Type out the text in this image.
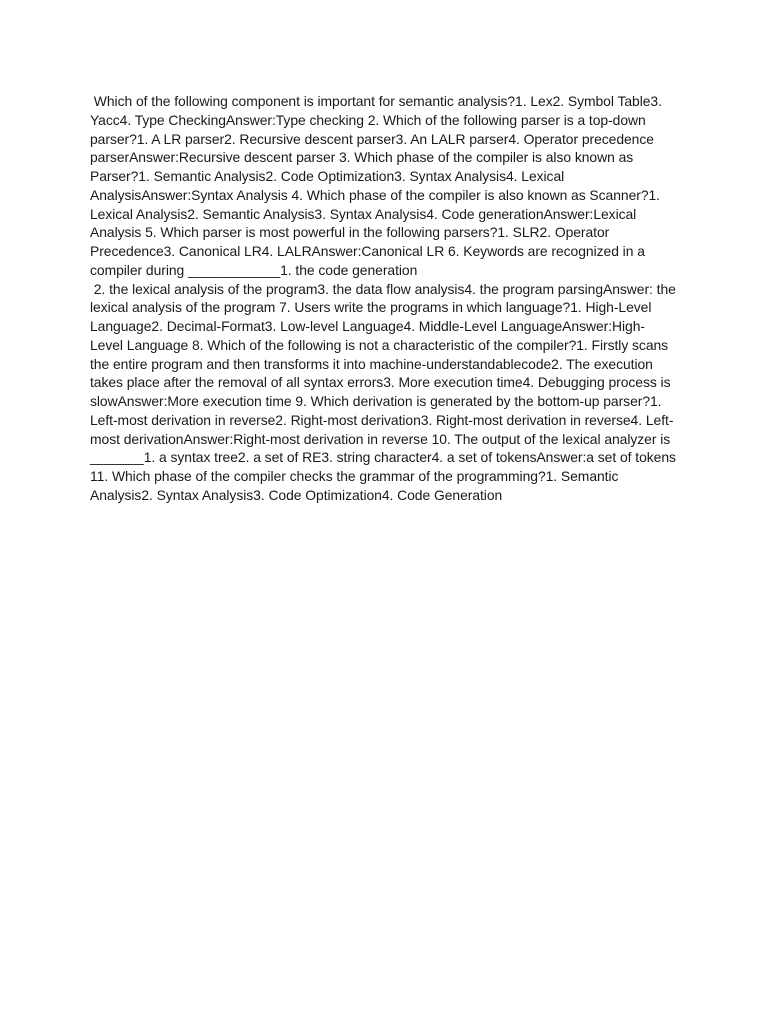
Which of the following component is important for semantic analysis?1. Lex2. Symbol Table3.
Yacc4. Type CheckingAnswer:Type checking 2. Which of the following parser is a top-down
parser?1. A LR parser2. Recursive descent parser3. An LALR parser4. Operator precedence
parserAnswer:Recursive descent parser 3. Which phase of the compiler is also known as
Parser?1. Semantic Analysis2. Code Optimization3. Syntax Analysis4. Lexical
AnalysisAnswer:Syntax Analysis 4. Which phase of the compiler is also known as Scanner?1.
Lexical Analysis2. Semantic Analysis3. Syntax Analysis4. Code generationAnswer:Lexical
Analysis 5. Which parser is most powerful in the following parsers?1. SLR2. Operator
Precedence3. Canonical LR4. LALRAnswer:Canonical LR 6. Keywords are recognized in a
compiler during ____________1. the code generation
2. the lexical analysis of the program3. the data flow analysis4. the program parsingAnswer: the
lexical analysis of the program 7. Users write the programs in which language?1. High-Level
Language2. Decimal-Format3. Low-level Language4. Middle-Level LanguageAnswer:High-
Level Language 8. Which of the following is not a characteristic of the compiler?1. Firstly scans
the entire program and then transforms it into machine-understandablecode2. The execution
takes place after the removal of all syntax errors3. More execution time4. Debugging process is
slowAnswer:More execution time 9. Which derivation is generated by the bottom-up parser?1.
Left-most derivation in reverse2. Right-most derivation3. Right-most derivation in reverse4. Left-
most derivationAnswer:Right-most derivation in reverse 10. The output of the lexical analyzer is
_______1. a syntax tree2. a set of RE3. string character4. a set of tokensAnswer:a set of tokens
11. Which phase of the compiler checks the grammar of the programming?1. Semantic
Analysis2. Syntax Analysis3. Code Optimization4. Code Generation
